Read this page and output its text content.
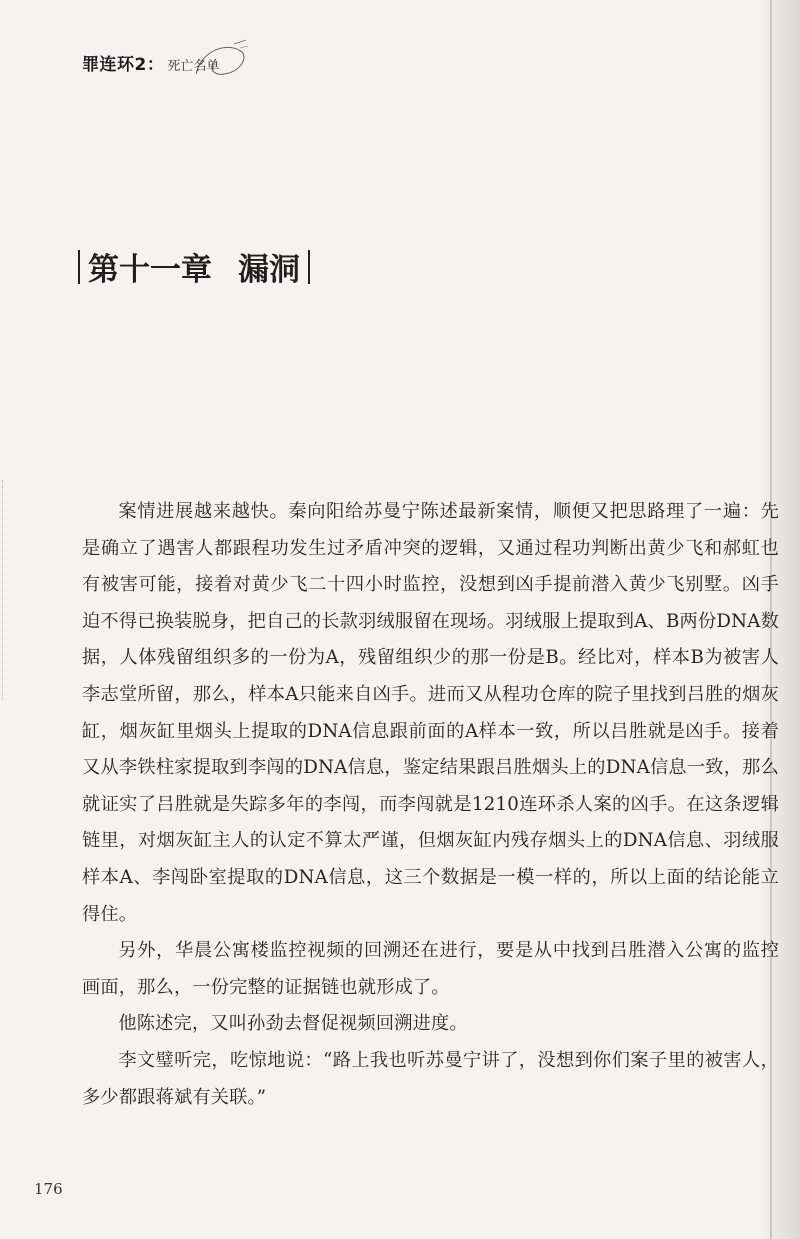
罪连环2： 死亡名单
第十一章 漏洞

案情进展越来越快。秦向阳给苏曼宁陈述最新案情，顺便又把思路理了一遍：先是确立了遇害人都跟程功发生过矛盾冲突的逻辑，又通过程功判断出黄少飞和郝虹也有被害可能，接着对黄少飞二十四小时监控，没想到凶手提前潜入黄少飞别墅。凶手迫不得已换装脱身，把自己的长款羽绒服留在现场。羽绒服上提取到A、B两份DNA数据，人体残留组织多的一份为A，残留组织少的那一份是B。经比对，样本B为被害人李志堂所留，那么，样本A只能来自凶手。进而又从程功仓库的院子里找到吕胜的烟灰缸，烟灰缸里烟头上提取的DNA信息跟前面的A样本一致，所以吕胜就是凶手。接着又从李铁柱家提取到李闯的DNA信息，鉴定结果跟吕胜烟头上的DNA信息一致，那么就证实了吕胜就是失踪多年的李闯，而李闯就是1210连环杀人案的凶手。在这条逻辑链里，对烟灰缸主人的认定不算太严谨，但烟灰缸内残存烟头上的DNA信息、羽绒服样本A、李闯卧室提取的DNA信息，这三个数据是一模一样的，所以上面的结论能立得住。

另外，华晨公寓楼监控视频的回溯还在进行，要是从中找到吕胜潜入公寓的监控画面，那么，一份完整的证据链也就形成了。

他陈述完，又叫孙劲去督促视频回溯进度。

李文璧听完，吃惊地说：“路上我也听苏曼宁讲了，没想到你们案子里的被害人，多少都跟蒋斌有关联。”

176
